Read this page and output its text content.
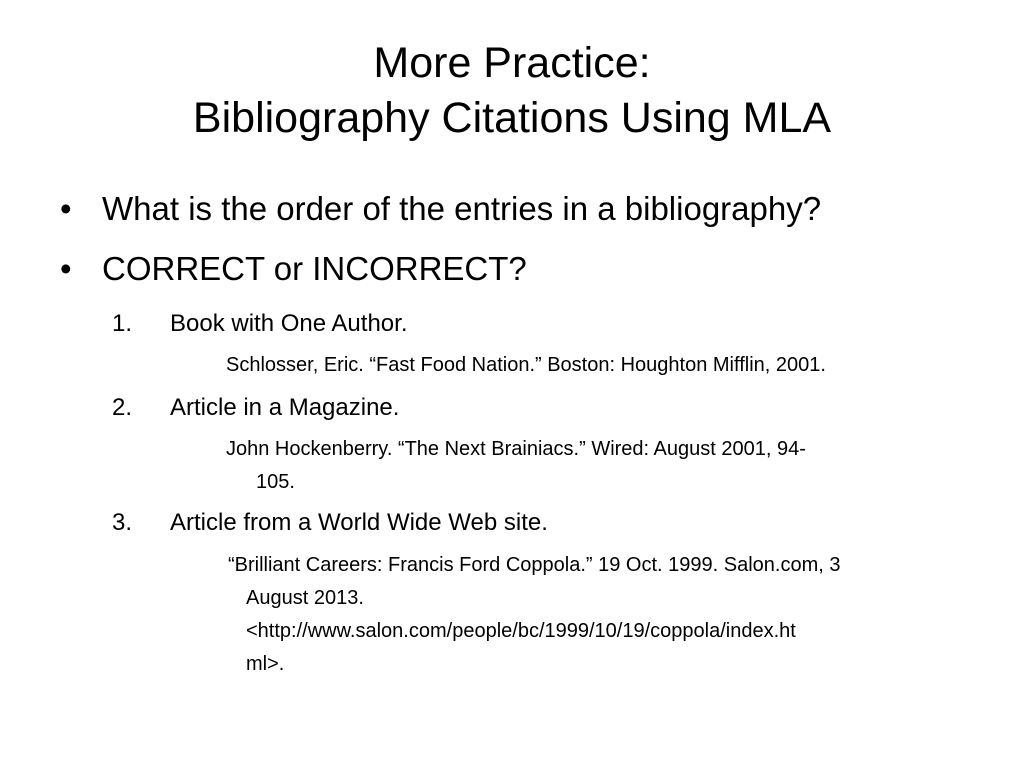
More Practice:
Bibliography Citations Using MLA
• What is the order of the entries in a bibliography?
• CORRECT or INCORRECT?
1. Book with One Author.
Schlosser, Eric. “Fast Food Nation.” Boston: Houghton Mifflin, 2001.
2. Article in a Magazine.
John Hockenberry. “The Next Brainiacs.” Wired: August 2001, 94-
105.
3. Article from a World Wide Web site.
“Brilliant Careers: Francis Ford Coppola.” 19 Oct. 1999. Salon.com, 3
August 2013.
<http://www.salon.com/people/bc/1999/10/19/coppola/index.ht
ml>.
